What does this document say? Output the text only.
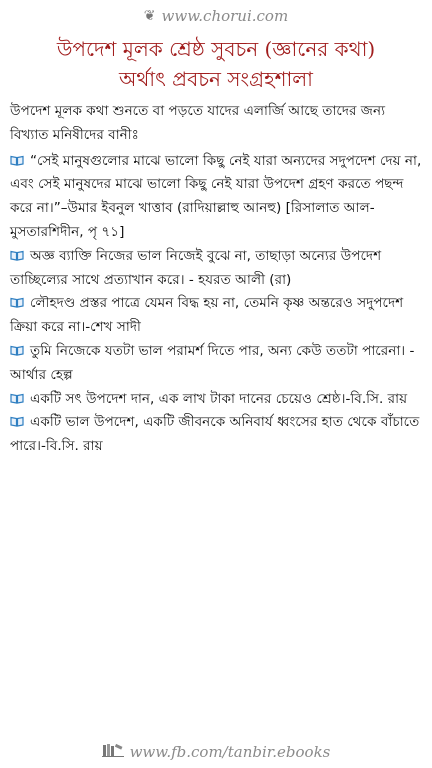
❦ www.chorui.com
উপদেশ মূলক শ্রেষ্ঠ সুবচন (জ্ঞানের কথা)
অর্থাৎ প্রবচন সংগ্রহশালা

উপদেশ মূলক কথা শুনতে বা পড়তে যাদের এলার্জি আছে তাদের জন্য বিখ্যাত মনিষীদের বানীঃ

“সেই মানুষগুলোর মাঝে ভালো কিছু নেই যারা অন্যদের সদুপদেশ দেয় না, এবং সেই মানুষদের মাঝে ভালো কিছু নেই যারা উপদেশ গ্রহণ করতে পছন্দ করে না।”–উমার ইবনুল খাত্তাব (রাদিয়াল্লাহু আনহু) [রিসালাত আল-মুসতারশিদীন, পৃ ৭১]

অজ্ঞ ব্যাক্তি নিজের ভাল নিজেই বুঝে না, তাছাড়া অন্যের উপদেশ তাচ্ছিল্যের সাথে প্রত্যাখান করে। - হযরত আলী (রা)

লৌহদণ্ড প্রস্তর পাত্রে যেমন বিদ্ধ হয় না, তেমনি কৃষ্ণ অন্তরেও সদুপদেশ ক্রিয়া করে না।-শেখ সাদী

তুমি নিজেকে যতটা ভাল পরামর্শ দিতে পার, অন্য কেউ ততটা পারেনা। - আর্থার হেল্প

একটি সৎ উপদেশ দান, এক লাখ টাকা দানের চেয়েও শ্রেষ্ঠ।-বি.সি. রায়

একটি ভাল উপদেশ, একটি জীবনকে অনিবার্য ধ্বংসের হাত থেকে বাঁচাতে পারে।-বি.সি. রায়

www.fb.com/tanbir.ebooks
